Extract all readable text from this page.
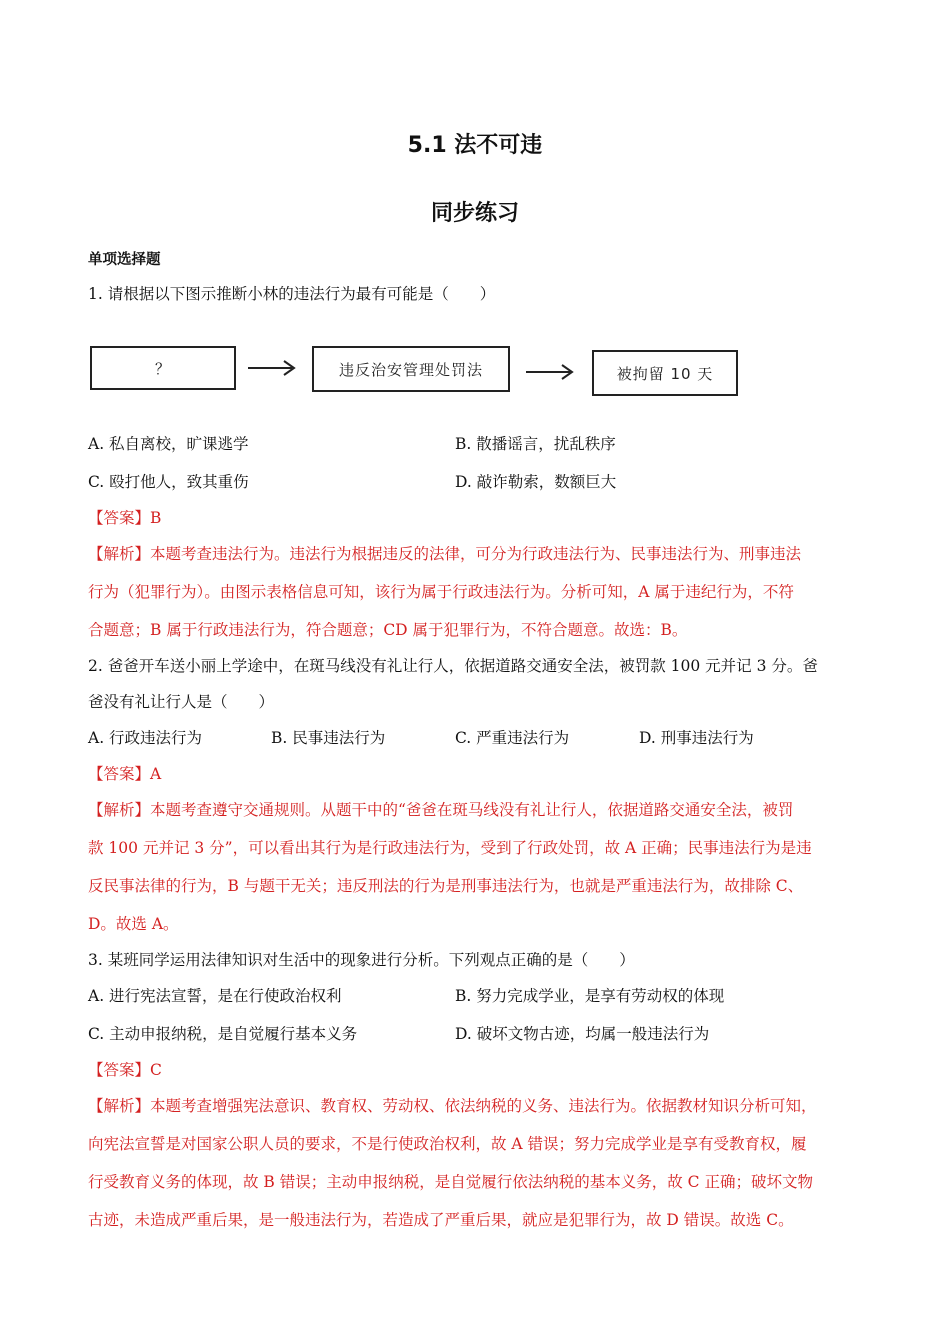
5.1 法不可违
同步练习
单项选择题
1. 请根据以下图示推断小林的违法行为最有可能是（　　）
？	违反治安管理处罚法	被拘留 10 天
A. 私自离校，旷课逃学	B. 散播谣言，扰乱秩序
C. 殴打他人，致其重伤	D. 敲诈勒索，数额巨大
【答案】B
【解析】本题考查违法行为。违法行为根据违反的法律，可分为行政违法行为、民事违法行为、刑事违法
行为（犯罪行为）。由图示表格信息可知，该行为属于行政违法行为。分析可知，A 属于违纪行为，不符
合题意；B 属于行政违法行为，符合题意；CD 属于犯罪行为，不符合题意。故选：B。
2. 爸爸开车送小丽上学途中，在斑马线没有礼让行人，依据道路交通安全法，被罚款 100 元并记 3 分。爸
爸没有礼让行人是（　　）
A. 行政违法行为	B. 民事违法行为	C. 严重违法行为	D. 刑事违法行为
【答案】A
【解析】本题考查遵守交通规则。从题干中的“爸爸在斑马线没有礼让行人，依据道路交通安全法，被罚
款 100 元并记 3 分”，可以看出其行为是行政违法行为，受到了行政处罚，故 A 正确；民事违法行为是违
反民事法律的行为，B 与题干无关；违反刑法的行为是刑事违法行为，也就是严重违法行为，故排除 C、
D。故选 A。
3. 某班同学运用法律知识对生活中的现象进行分析。下列观点正确的是（　　）
A. 进行宪法宣誓，是在行使政治权利	B. 努力完成学业，是享有劳动权的体现
C. 主动申报纳税，是自觉履行基本义务	D. 破坏文物古迹，均属一般违法行为
【答案】C
【解析】本题考查增强宪法意识、教育权、劳动权、依法纳税的义务、违法行为。依据教材知识分析可知，
向宪法宣誓是对国家公职人员的要求，不是行使政治权利，故 A 错误；努力完成学业是享有受教育权，履
行受教育义务的体现，故 B 错误；主动申报纳税，是自觉履行依法纳税的基本义务，故 C 正确；破坏文物
古迹，未造成严重后果，是一般违法行为，若造成了严重后果，就应是犯罪行为，故 D 错误。故选 C。
